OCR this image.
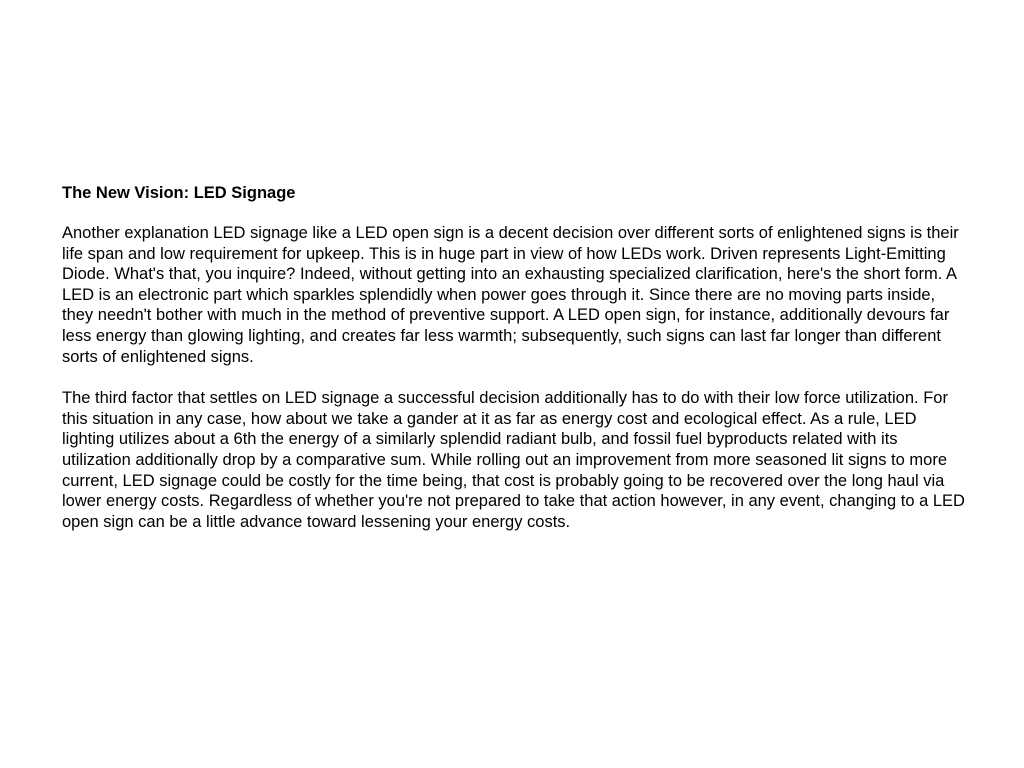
The New Vision: LED Signage

Another explanation LED signage like a LED open sign is a decent decision over different sorts of enlightened signs is their life span and low requirement for upkeep. This is in huge part in view of how LEDs work. Driven represents Light-Emitting Diode. What's that, you inquire? Indeed, without getting into an exhausting specialized clarification, here's the short form. A LED is an electronic part which sparkles splendidly when power goes through it. Since there are no moving parts inside, they needn't bother with much in the method of preventive support. A LED open sign, for instance, additionally devours far less energy than glowing lighting, and creates far less warmth; subsequently, such signs can last far longer than different sorts of enlightened signs.

The third factor that settles on LED signage a successful decision additionally has to do with their low force utilization. For this situation in any case, how about we take a gander at it as far as energy cost and ecological effect. As a rule, LED lighting utilizes about a 6th the energy of a similarly splendid radiant bulb, and fossil fuel byproducts related with its utilization additionally drop by a comparative sum. While rolling out an improvement from more seasoned lit signs to more current, LED signage could be costly for the time being, that cost is probably going to be recovered over the long haul via lower energy costs. Regardless of whether you're not prepared to take that action however, in any event, changing to a LED open sign can be a little advance toward lessening your energy costs.
